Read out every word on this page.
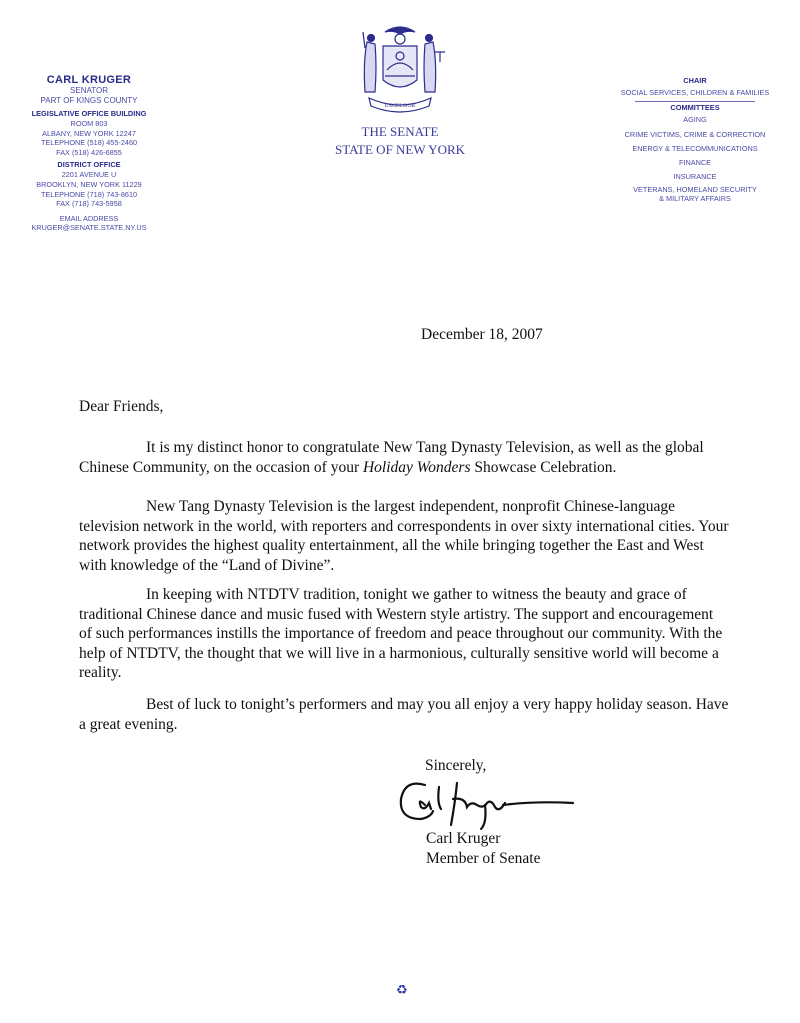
CARL KRUGER
SENATOR
PART OF KINGS COUNTY
LEGISLATIVE OFFICE BUILDING
ROOM 803
ALBANY, NEW YORK 12247
TELEPHONE (518) 455-2460
FAX (518) 426-6855
DISTRICT OFFICE
2201 AVENUE U
BROOKLYN, NEW YORK 11229
TELEPHONE (718) 743-8610
FAX (718) 743-5958
EMAIL ADDRESS
KRUGER@SENATE.STATE.NY.US
EXCELSIOR
THE SENATE
STATE OF NEW YORK
CHAIR
SOCIAL SERVICES, CHILDREN & FAMILIES
COMMITTEES
AGING
CRIME VICTIMS, CRIME & CORRECTION
ENERGY & TELECOMMUNICATIONS
FINANCE
INSURANCE
VETERANS, HOMELAND SECURITY
& MILITARY AFFAIRS
December 18, 2007
Dear Friends,
It is my distinct honor to congratulate New Tang Dynasty Television, as well as the global Chinese Community, on the occasion of your Holiday Wonders Showcase Celebration.
New Tang Dynasty Television is the largest independent, nonprofit Chinese-language television network in the world, with reporters and correspondents in over sixty international cities. Your network provides the highest quality entertainment, all the while bringing together the East and West with knowledge of the “Land of Divine”.
In keeping with NTDTV tradition, tonight we gather to witness the beauty and grace of traditional Chinese dance and music fused with Western style artistry. The support and encouragement of such performances instills the importance of freedom and peace throughout our community. With the help of NTDTV, the thought that we will live in a harmonious, culturally sensitive world will become a reality.
Best of luck to tonight’s performers and may you all enjoy a very happy holiday season. Have a great evening.
Sincerely,
Carl Kruger
Member of Senate
♻
